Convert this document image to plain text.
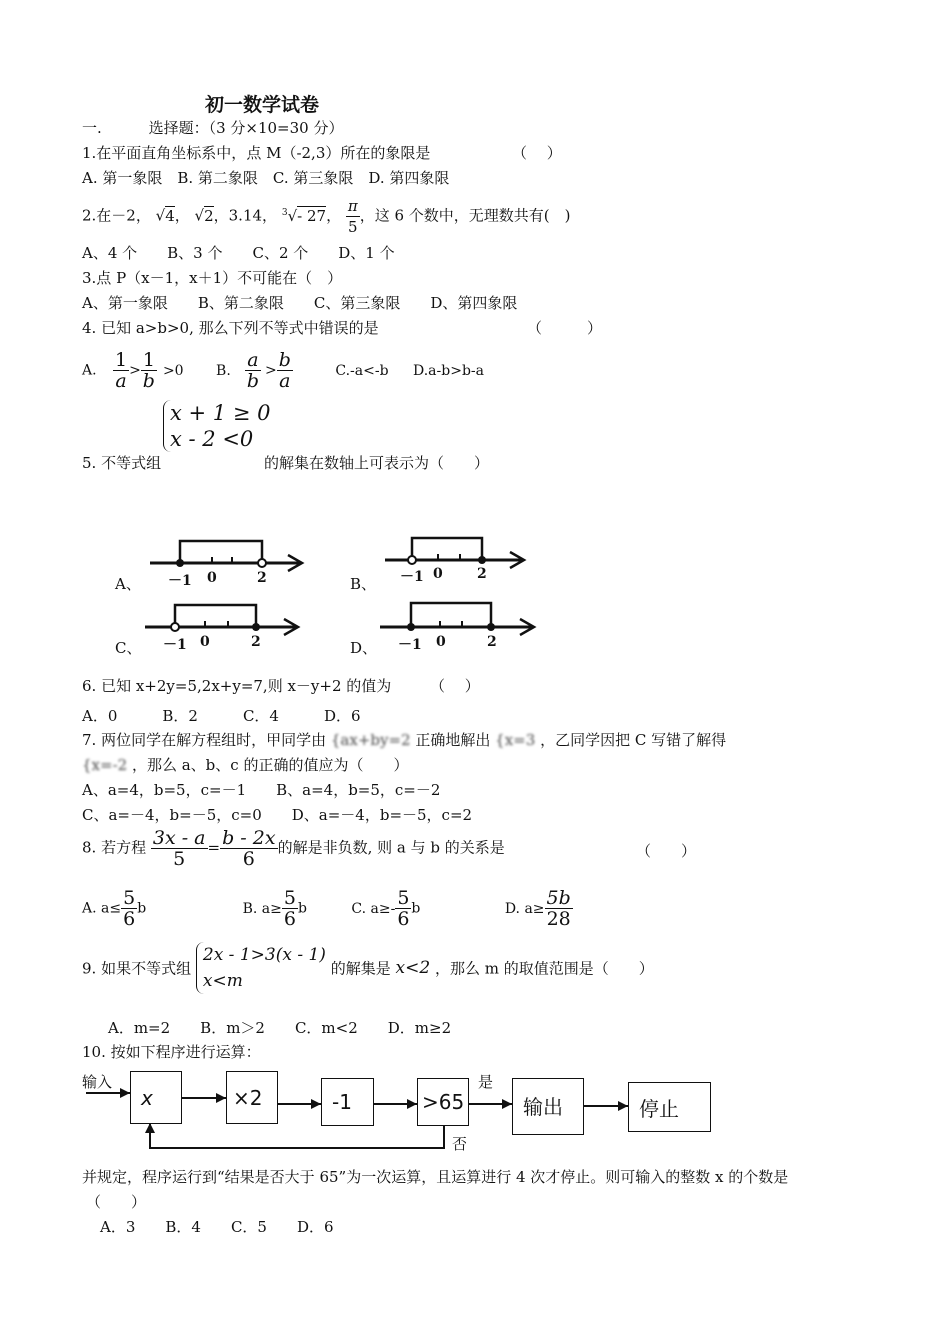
初一数学试卷
一.	选择题：（3 分×10=30 分）
1.在平面直角坐标系中，点 M（-2,3）所在的象限是	（　 ）
A. 第一象限　B. 第二象限　C. 第三象限　D. 第四象限
2.在－2， √4， √2，3.14， $^3$√- 27， $\frac{\pi}{5}$ ，这 6 个数中，无理数共有(　)
A、4 个　　B、3 个　　C、2 个　　D、1 个
3.点 P（x－1，x＋1）不可能在（　）
A、第一象限　　B、第二象限　　C、第三象限　　D、第四象限
4. 已知 a>b>0, 那么下列不等式中错误的是	（　　　）
A. $\frac{1}{a} > \frac{1}{b} >0$ B. $\frac{a}{b} > \frac{b}{a}$	C.-a<-b D.a-b>b-a
x + 1 ≥ 0
x - 2 <0
5. 不等式组	的解集在数轴上可表示为（　　）
A、	B、
C、	D、
－1 0	2	－1 0 2
－1 0	2	－1 0	2
6. 已知 x+2y=5,2x+y=7,则 x－y+2 的值为	（　 ）
A．0　　　B．2　　　C．4　　　D．6
7. 两位同学在解方程组时，甲同学由 {ax+by=2 正确地解出 {x=3 ，乙同学因把 C 写错了解得
{x=-2 ，那么 a、b、c 的正确的值应为（　　）
A、a=4，b=5，c=－1　　B、a=4，b=5，c=－2
C、a=－4，b=－5，c=0　　D、a=－4，b=－5，c=2
8. 若方程 $\frac{3x - a}{5} = \frac{b - 2x}{6}$ 的解是非负数, 则 a 与 b 的关系是	（　　）
A. $a\le \frac{5}{6}$ b	B. $a\ge \frac{5}{6}$ b	C. $a\ge- \frac{5}{6}$ b	D. $a\ge \frac{5b}{28}$
9. 如果不等式组
2x - 1>3(x - 1)
x<m
的解集是 x<2 ，那么 m 的取值范围是（　　）
A．m=2　　B．m＞2　　C．m<2　　D．m≥2
10. 按如下程序进行运算：
输入
x	×2	-1	>65
是
否
输出	停止
并规定，程序运行到“结果是否大于 65”为一次运算，且运算进行 4 次才停止。则可输入的整数 x 的个数是
（　　）
A．3　　B．4　　C．5　　D．6
